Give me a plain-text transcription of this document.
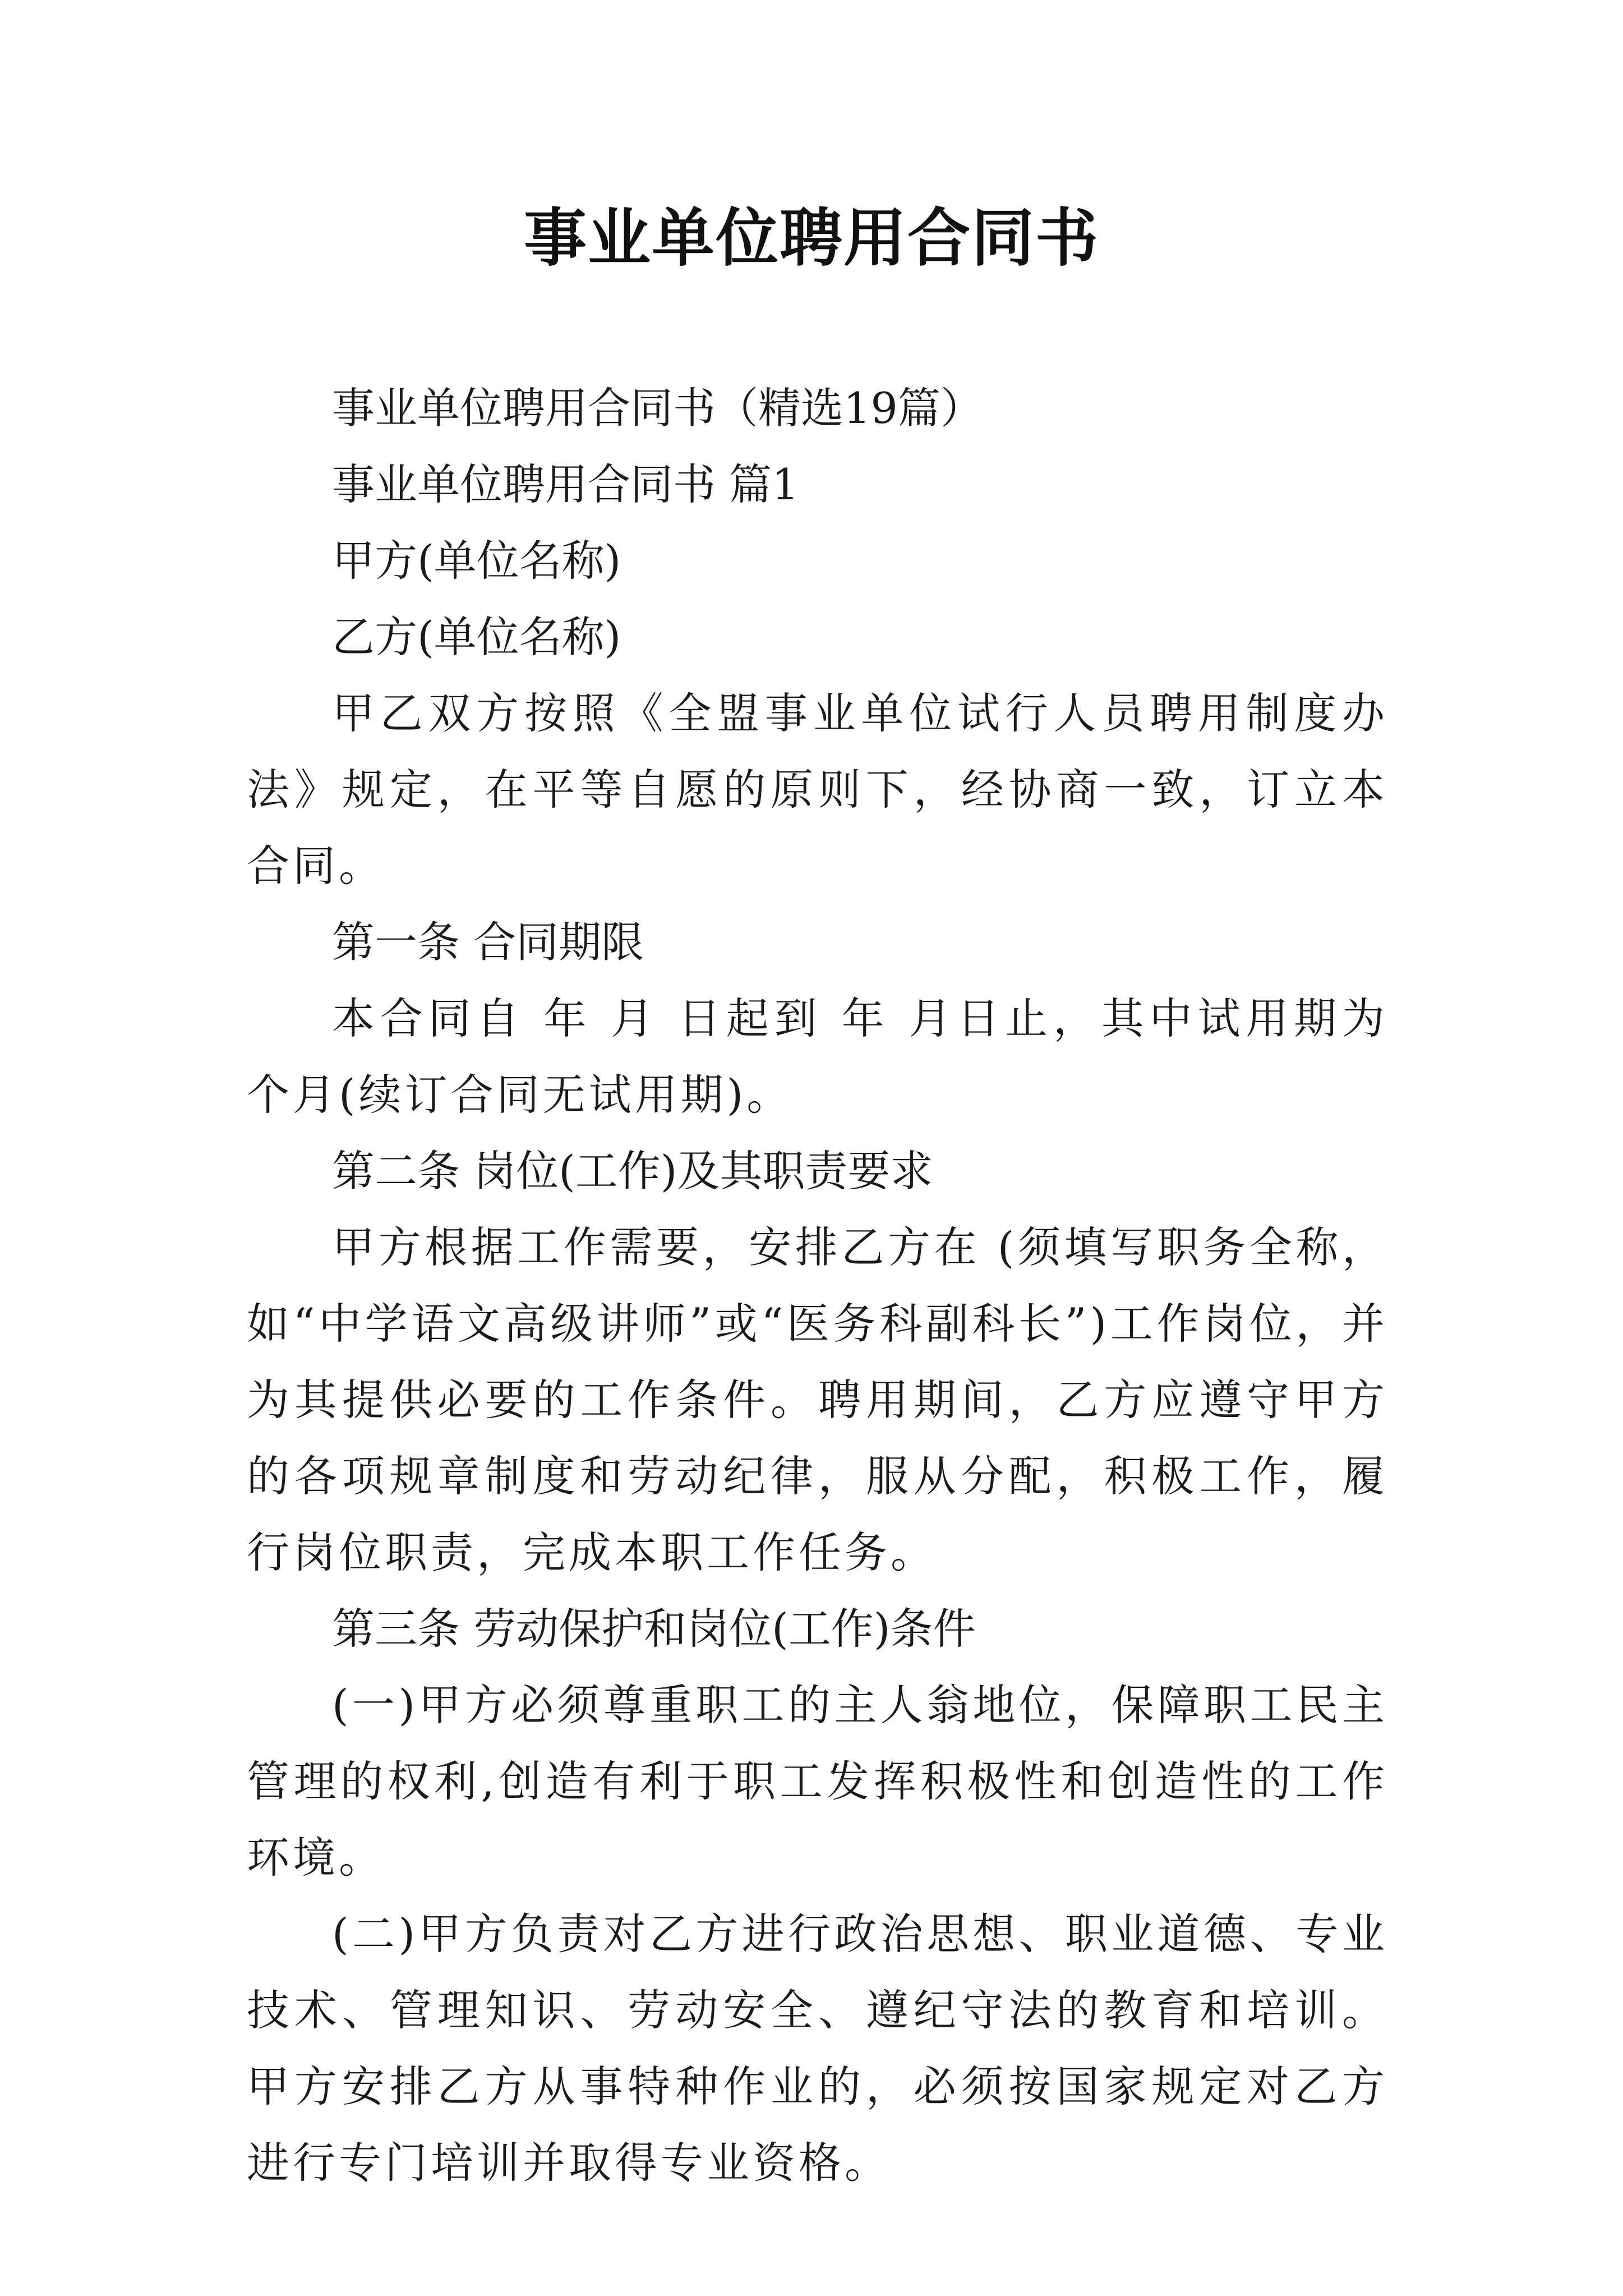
事业单位聘用合同书

事业单位聘用合同书（精选19篇）

事业单位聘用合同书 篇1

甲方(单位名称)

乙方(单位名称)

甲乙双方按照《全盟事业单位试行人员聘用制度办法》规定，在平等自愿的原则下，经协商一致，订立本合同。

第一条 合同期限

本合同自 年 月 日起到 年 月日止，其中试用期为 个月(续订合同无试用期)。

第二条 岗位(工作)及其职责要求

甲方根据工作需要，安排乙方在 (须填写职务全称，如“中学语文高级讲师”或“医务科副科长”)工作岗位，并为其提供必要的工作条件。聘用期间，乙方应遵守甲方的各项规章制度和劳动纪律，服从分配，积极工作，履行岗位职责，完成本职工作任务。

第三条 劳动保护和岗位(工作)条件

(一)甲方必须尊重职工的主人翁地位，保障职工民主管理的权利,创造有利于职工发挥积极性和创造性的工作环境。

(二)甲方负责对乙方进行政治思想、职业道德、专业技术、管理知识、劳动安全、遵纪守法的教育和培训。甲方安排乙方从事特种作业的，必须按国家规定对乙方进行专门培训并取得专业资格。
